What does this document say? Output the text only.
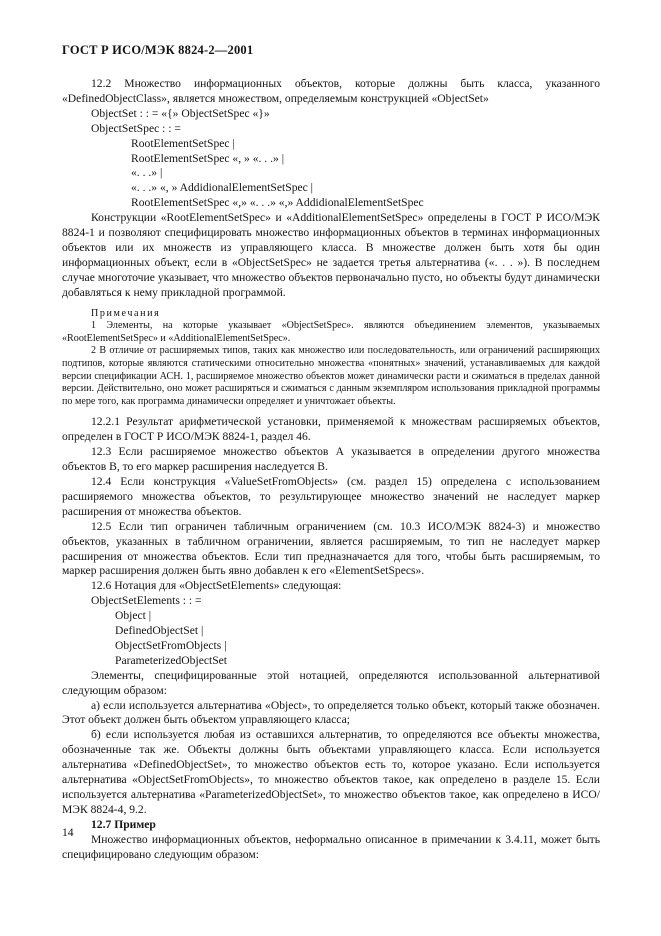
ГОСТ Р ИСО/МЭК 8824-2—2001

12.2 Множество информационных объектов, которые должны быть класса, указанного «DefinedObjectClass», является множеством, определяемым конструкцией «ObjectSet»

ObjectSet : : = «{» ObjectSetSpec «}»

ObjectSetSpec : : =

RootElementSetSpec |

RootElementSetSpec «, » «. . .» |

«. . .» |

«. . .» «, » AddidionalElementSetSpec |

RootElementSetSpec «,» «. . .» «,» AddidionalElementSetSpec

Конструкции «RootElementSetSpec» и «AdditionalElementSetSpec» определены в ГОСТ Р ИСО/МЭК 8824-1 и позволяют специфицировать множество информационных объектов в терминах информационных объектов или их множеств из управляющего класса. В множестве должен быть хотя бы один информационных объект, если в «ObjectSetSpec» не задается третья альтернатива («. . . »). В последнем случае многоточие указывает, что множество объектов первоначально пусто, но объекты будут динамически добавляться к нему прикладной программой.

Примечания

1 Элементы, на которые указывает «ObjectSetSpec». являются объединением элементов, указываемых «RootElementSetSpec» и «AdditionalElementSetSpec».

2 В отличие от расширяемых типов, таких как множество или последовательность, или ограничений расширяющих подтипов, которые являются статическими относительно множества «понятных» значений, устанавливаемых для каждой версии спецификации АСН. 1, расширяемое множество объектов может динамически расти и сжиматься в пределах данной версии. Действительно, оно может расширяться и сжиматься с данным экземпляром использования прикладной программы по мере того, как программа динамически определяет и уничтожает объекты.

12.2.1 Результат арифметической установки, применяемой к множествам расширяемых объектов, определен в ГОСТ Р ИСО/МЭК 8824-1, раздел 46.

12.3 Если расширяемое множество объектов А указывается в определении другого множества объектов В, то его маркер расширения наследуется В.

12.4 Если конструкция «ValueSetFromObjects» (см. раздел 15) определена с использованием расширяемого множества объектов, то результирующее множество значений не наследует маркер расширения от множества объектов.

12.5 Если тип ограничен табличным ограничением (см. 10.3 ИСО/МЭК 8824-3) и множество объектов, указанных в табличном ограничении, является расширяемым, то тип не наследует маркер расширения от множества объектов. Если тип предназначается для того, чтобы быть расширяемым, то маркер расширения должен быть явно добавлен к его «ElementSetSpecs».

12.6 Нотация для «ObjectSetElements» следующая:

ObjectSetElements : : =

Object |

DefinedObjectSet |

ObjectSetFromObjects |

ParameterizedObjectSet

Элементы, специфицированные этой нотацией, определяются использованной альтернативой следующим образом:

а) если используется альтернатива «Object», то определяется только объект, который также обозначен. Этот объект должен быть объектом управляющего класса;

б) если используется любая из оставшихся альтернатив, то определяются все объекты множества, обозначенные так же. Объекты должны быть объектами управляющего класса. Если используется альтернатива «DefinedObjectSet», то множество объектов есть то, которое указано. Если используется альтернатива «ObjectSetFromObjects», то множество объектов такое, как определено в разделе 15. Если используется альтернатива «ParameterizedObjectSet», то множество объектов такое, как определено в ИСО/МЭК 8824-4, 9.2.

12.7 Пример

Множество информационных объектов, неформально описанное в примечании к 3.4.11, может быть специфицировано следующим образом:

14
